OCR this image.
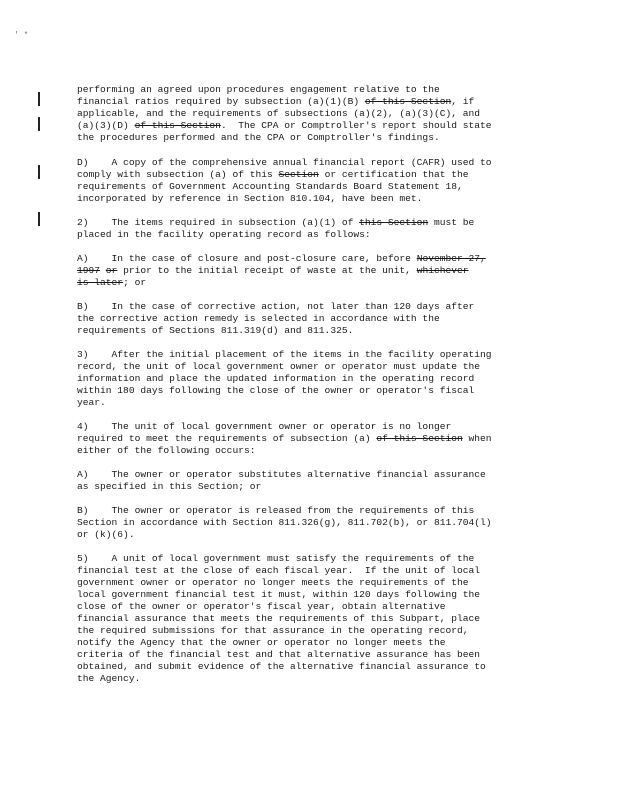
' *
performing an agreed upon procedures engagement relative to the
financial ratios required by subsection (a)(1)(B) of this Section, if
applicable, and the requirements of subsections (a)(2), (a)(3)(C), and
(a)(3)(D) of this Section.  The CPA or Comptroller's report should state
the procedures performed and the CPA or Comptroller's findings.
D)    A copy of the comprehensive annual financial report (CAFR) used to
comply with subsection (a) of this Section or certification that the
requirements of Government Accounting Standards Board Statement 18,
incorporated by reference in Section 810.104, have been met.
2)    The items required in subsection (a)(1) of this Section must be
placed in the facility operating record as follows:
A)    In the case of closure and post-closure care, before November 27,
1997 or prior to the initial receipt of waste at the unit, whichever
is later; or
B)    In the case of corrective action, not later than 120 days after
the corrective action remedy is selected in accordance with the
requirements of Sections 811.319(d) and 811.325.
3)    After the initial placement of the items in the facility operating
record, the unit of local government owner or operator must update the
information and place the updated information in the operating record
within 180 days following the close of the owner or operator's fiscal
year.
4)    The unit of local government owner or operator is no longer
required to meet the requirements of subsection (a) of this Section when
either of the following occurs:
A)    The owner or operator substitutes alternative financial assurance
as specified in this Section; or
B)    The owner or operator is released from the requirements of this
Section in accordance with Section 811.326(g), 811.702(b), or 811.704(l)
or (k)(6).
5)    A unit of local government must satisfy the requirements of the
financial test at the close of each fiscal year.  If the unit of local
government owner or operator no longer meets the requirements of the
local government financial test it must, within 120 days following the
close of the owner or operator's fiscal year, obtain alternative
financial assurance that meets the requirements of this Subpart, place
the required submissions for that assurance in the operating record,
notify the Agency that the owner or operator no longer meets the
criteria of the financial test and that alternative assurance has been
obtained, and submit evidence of the alternative financial assurance to
the Agency.
